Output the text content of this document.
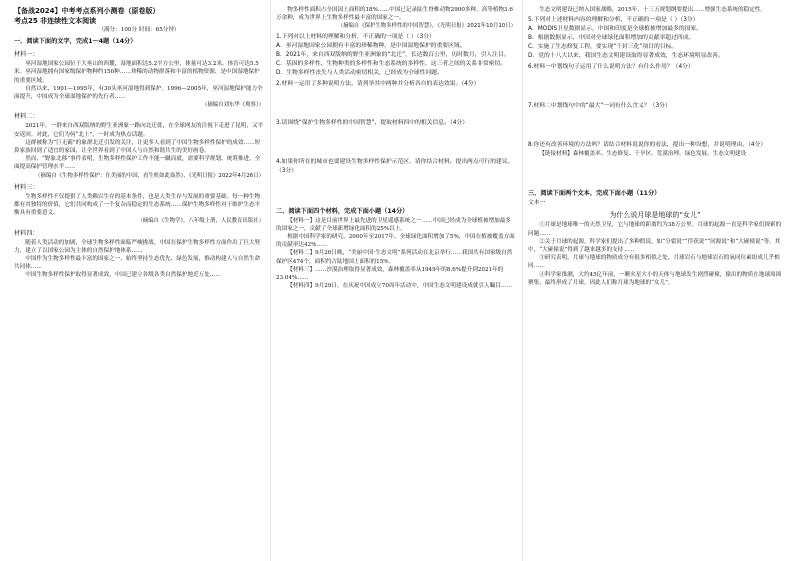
【备战2024】中考考点系列小测卷（原卷版）
考点25 非连续性文本阅读
（满分：100分 时间：65分钟）
一、阅读下面的文字，完成1～4题（14分）
材料一：

巫河湿地国家公园位于大巫山的西麓，湿地面积达5.2平方公里，体量可达3.2米，体育可达5.5米。巫河湿地拥有国家级保护物种约150种……珍稀的动物群落和丰富的植物资源，是中国湿地保护的重要区域。

自然以来，1991—1995年，有30头巫河湿地得到保护。1996—2005年，巫河湿地保护能力全面提升，中国成为全球湿地保护的先行者……

（摘编自刘东华《观察》）

材料二：

2021年，一群来自西双版纳的野生亚洲象一路向北迁徙，在全球网友的注视下走进了昆明，又平安返回。对此，它们为何“北上”，一时成为热点话题。

这群被称为“巨无霸”的象群北迁引发的关注，让更多人看到了中国生物多样性保护的成效……短鼻家族回到了适宜的家园，让全世界看到了中国人与自然和谐共生的美好画卷。

然而，“野象北移”事件表明，生物多样性保护工作不能一蹴而就，需要科学规划、统筹推进，全面提高保护管理水平……

（摘编自《生物多样性保护：在美丽的中国，看生机如此盎然》，《光明日报》2022年4月26日）

材料三：

生物多样性不仅提供了人类赖以生存的基本条件，也是人类生存与发展的重要基础。每一种生物都有其独特的价值，它们共同构成了一个复杂而稳定的生态系统……保护生物多样性对于维护生态平衡具有重要意义。

（摘编自《生物学》，八年级上册，人民教育出版社）

材料四：

随着人类活动的加剧，全球生物多样性面临严峻挑战。中国在保护生物多样性方面作出了巨大努力，建立了以国家公园为主体的自然保护地体系……

中国作为生物多样性最丰富的国家之一，始终坚持生态优先、绿色发展，推动构建人与自然生命共同体……

中国生物多样性保护取得显著成效，中国已建立各级各类自然保护地近万处……

物多样性面积占全国国土面积的18%……中国已记录陆生脊椎动物2900多种，高等植物3.6万余种，成为世界上生物多样性最丰富的国家之一。

（摘编自《保护生物多样性的中国智慧》，《光明日报》2021年10月10日）

1.下列对以上材料的理解和分析，不正确的一项是（ ）（3分）
A．巫河湿地国家公园拥有丰富的珍稀物种，是中国湿地保护的重要区域。
B．2021年，来自西双版纳的野生亚洲象的“北迁”，长达数百公里，历时数月，引人注目。
C．基因的多样性、生物种类的多样性和生态系统的多样性，这三者之间的关系非常密切。
D．生物多样性丧失与人类活动密切相关，已经成为全球性问题。
2.材料一运用了多种说明方法，请列举其中两种并分析各自的表达效果。（4分）
3.请围绕“保护生物多样性的中国智慧”，提取材料四中的相关信息。（4分）
4.如果你所在的城市也要建设生物多样性保护示范区，请你结合材料，提出两点可行的建议。（3分）
二、阅读下面四个材料，完成下面小题（14分）

【材料一】这是目前世界上最先进的卫星遥感系统之一……中国已经成为全球植被增加最多的国家之一，贡献了全球新增绿化面积的25%以上。

根据中国科学家的研究，2000年至2017年，全球绿化面积增加了5%，中国在植被覆盖方面的贡献率达42%……

【材料二】9月26日晚，“美丽中国·生态文明”系列活动在北京举行……我国共有国家级自然保护区474个，面积约占陆地国土面积的15%。

【材料三】……沙漠治理取得显著成效，森林覆盖率从1949年的8.6%提升到2021年的23.04%……

【材料四】9月29日，在庆祝中国成立70周年活动中，中国生态文明建设成就引人瞩目……

生态文明建设已纳入国家战略，2015年，十三五规划纲要提出……增强生态系统的稳定性。

5.下列对上述材料内容的理解和分析，不正确的一项是（ ）（3分）
A．MODIS卫星数据显示，中国和印度是全球植被增加最多的国家。
B．根据数据显示，中国对全球绿化面积增加的贡献率超过四成。
C．实施了生态修复工程，要实现“干封三化”项目的目标。
D．党的十八大以来，我国生态文明建设取得显著成效，生态环境明显改善。
6.材料一中划线句子运用了什么说明方法？有什么作用？（4分）
7.材料二中划线句中的“最大”一词有什么含义？（3分）
8.你还有改善环境的方法吗？请结合材料说说你的看法，提出一种设想，并说明理由。（4分）

【链接材料】森林覆盖率、生态修复、干旱区、荒漠治理、绿色发展、生态文明建设

三、阅读下面两个文本，完成下面小题（11分）
文本一
为什么说月球是地球的“女儿”

①月球是地球唯一的天然卫星，它与地球的距离约为38万公里。月球的起源一直是科学家们探索的问题……

②关于月球的起源，科学家们提出了多种假说，如“分裂说”“俘获说”“同源说”和“大碰撞说”等。其中，“大碰撞说”得到了越来越多的支持……

③研究表明，月球与地球的物质成分有很多相似之处，月球岩石与地球岩石的氧同位素组成几乎相同……

④科学家推测，大约45亿年前，一颗火星大小的天体与地球发生剧烈碰撞，撞出的物质在地球周围聚集，最终形成了月球，因此人们称月球为地球的“女儿”。
